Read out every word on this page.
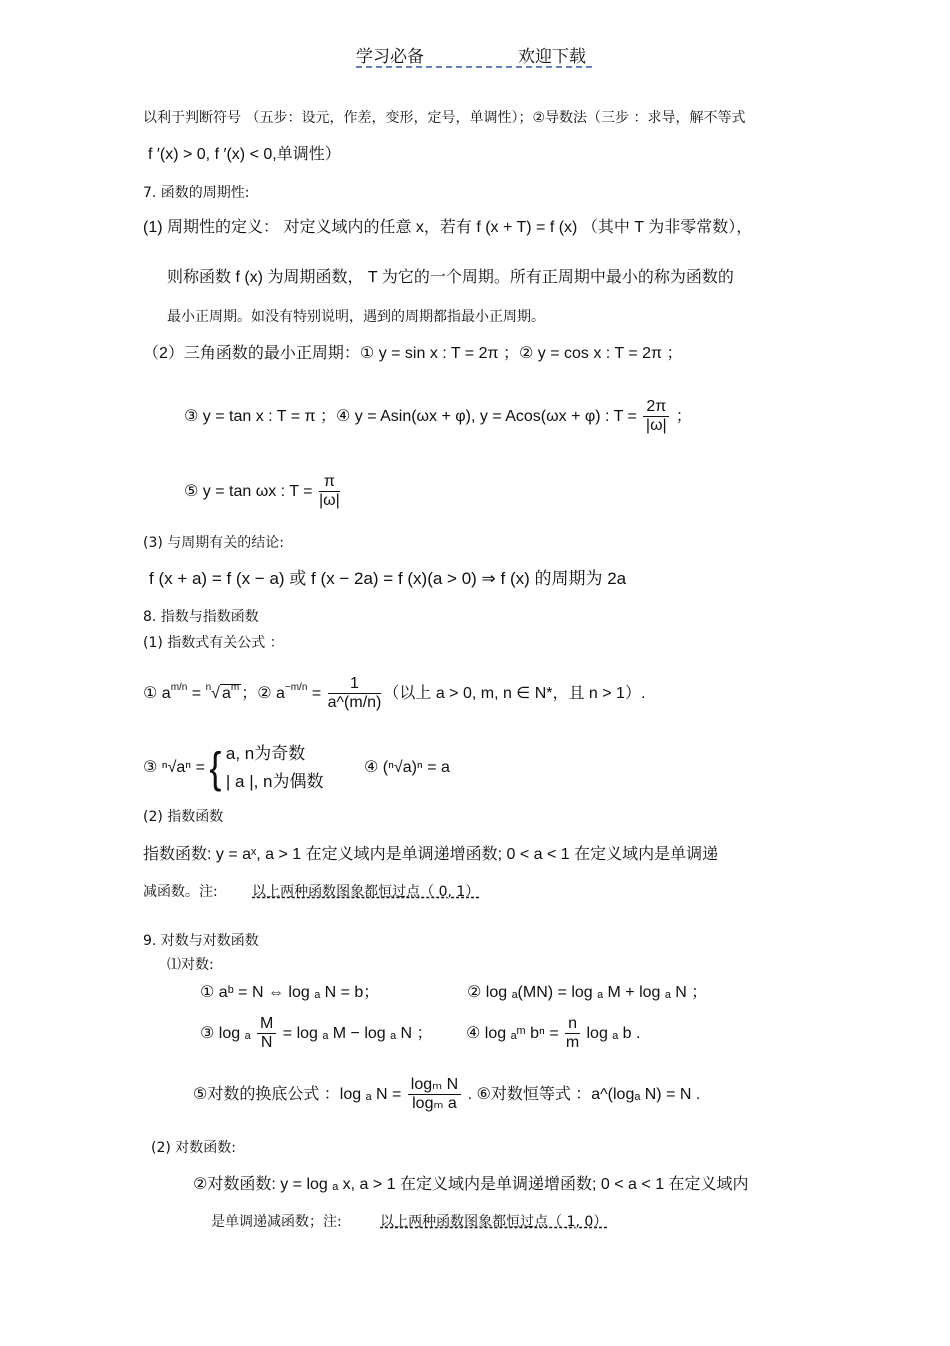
学习必备	欢迎下载
以利于判断符号 （五步：设元，作差，变形，定号，单调性）；②导数法（三步 ：求导，解不等式
f ′(x) > 0, f ′(x) < 0,单调性）
7. 函数的周期性:
(1) 周期性的定义： 对定义域内的任意 x，若有 f (x + T) = f (x) （其中 T 为非零常数），
则称函数 f (x) 为周期函数， T 为它的一个周期。所有正周期中最小的称为函数的
最小正周期。如没有特别说明，遇到的周期都指最小正周期。
（2）三角函数的最小正周期：① y = sin x : T = 2π ；② y = cos x : T = 2π ；
③ y = tan x : T = π ；④ y = Asin(ωx + φ), y = Acos(ωx + φ) : $T = \frac{2\pi}{|\omega|}$ ；
⑤ y = tan ωx : $T = \frac{\pi}{|\omega|}$
(3) 与周期有关的结论:
f (x + a) = f (x − a) 或 f (x − 2a) = f (x)(a > 0) ⇒ f (x) 的周期为 2a
8. 指数与指数函数
(1) 指数式有关公式 ：
① $a^{m/n} = ^n√$ $a^m$ ；② $a^{-m/n} = \frac{1}{a\^{}(m/n)}$ （以上 a > 0, m, n ∈ N*，且 n > 1）.
③ ⁿ√aⁿ = { a, n为奇数
| a |, n为偶数
④ (ⁿ√a)ⁿ = a
(2) 指数函数
指数函数: y = aˣ, a > 1 在定义域内是单调递增函数; 0 < a < 1 在定义域内是单调递
减函数。注: 以上两种函数图象都恒过点（ 0, 1）
9. 对数与对数函数
⑴对数:
① aᵇ = N ⇔ log ₐ N = b；	② log ₐ(MN) = log ₐ M + log ₐ N ；
③ log ₐ $\frac{M}{N} = \log _a$ M − log ₐ N ； ④ log ₐᵐ $b^n = \frac{n}{m}$ log ₐ b .
⑤对数的换底公式 ：log ₐ $N = \frac{\text{logₘ N}}{\text{logₘ a}}$ . ⑥对数恒等式 ：a^(logₐ N) = N .
(2) 对数函数:
②对数函数: y = log ₐ x, a > 1 在定义域内是单调递增函数; 0 < a < 1 在定义域内
是单调递减函数；注: 以上两种函数图象都恒过点（ 1, 0）
